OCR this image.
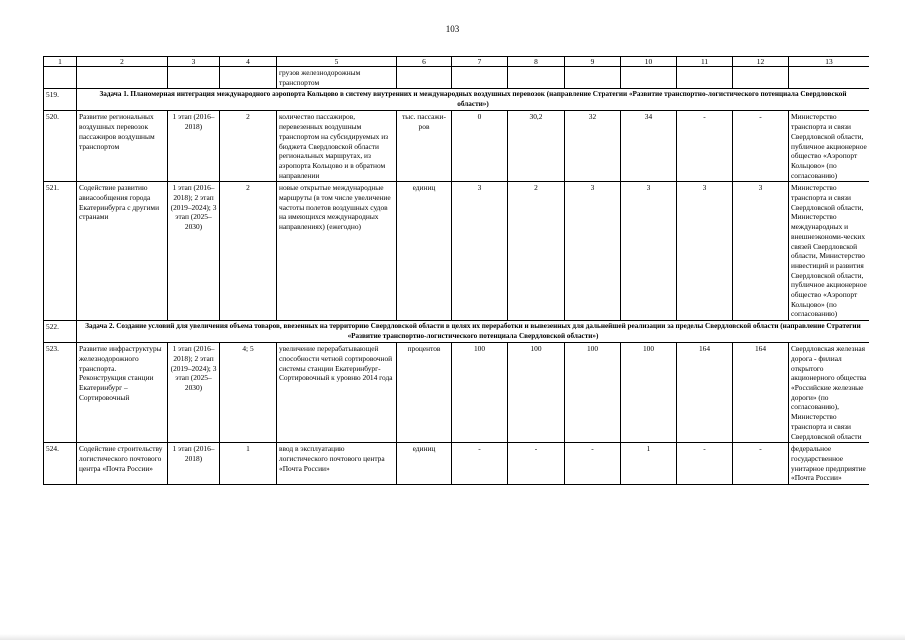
103
1	2	3	4	5	6	7	8	9	10	11	12	13
				грузов железнодорожным транспортом								
519.	Задача 1. Планомерная интеграция международного аэропорта Кольцово в систему внутренних и международных воздушных перевозок (направление Стратегии «Развитие транспортно-логистического потенциала Свердловской области»)											
520.	Развитие региональных воздушных перевозок пассажиров воздушным транспортом	1 этап (2016–2018)	2	количество пассажиров, перевезенных воздушным транспортом на субсидируемых из бюджета Свердловской области региональных маршрутах, из аэропорта Кольцово и в обратном направлении	тыс. пассажи-ров	0	30,2	32	34	-	-	Министерство транспорта и связи Свердловской области, публичное акционерное общество «Аэропорт Кольцово» (по согласованию)
521.	Содействие развитию авиасообщения города Екатеринбурга с другими странами	1 этап (2016–2018); 2 этап (2019–2024); 3 этап (2025–2030)	2	новые открытые международные маршруты (в том числе увеличение частоты полетов воздушных судов на имеющихся международных направлениях) (ежегодно)	единиц	3	2	3	3	3	3	Министерство транспорта и связи Свердловской области, Министерство международных и внешнеэкономи-ческих связей Свердловской области, Министерство инвестиций и развития Свердловской области, публичное акционерное общество «Аэропорт Кольцово» (по согласованию)
522.	Задача 2. Создание условий для увеличения объема товаров, ввезенных на территорию Свердловской области в целях их переработки и вывезенных для дальнейшей реализации за пределы Свердловской области (направление Стратегии «Развитие транспортно-логистического потенциала Свердловской области»)											
523.	Развитие инфраструктуры железнодорожного транспорта. Реконструкция станции Екатеринбург – Сортировочный	1 этап (2016–2018); 2 этап (2019–2024); 3 этап (2025–2030)	4; 5	увеличение перерабатывающей способности четной сортировочной системы станции Екатеринбург-Сортировочный к уровню 2014 года	процентов	100	100	100	100	164	164	Свердловская железная дорога - филиал открытого акционерного общества «Российские железные дороги» (по согласованию), Министерство транспорта и связи Свердловской области
524.	Содействие строительству логистического почтового центра «Почта России»	1 этап (2016–2018)	1	ввод в эксплуатацию логистического почтового центра «Почта России»	единиц	-	-	-	1	-	-	федеральное государственное унитарное предприятие «Почта России»
